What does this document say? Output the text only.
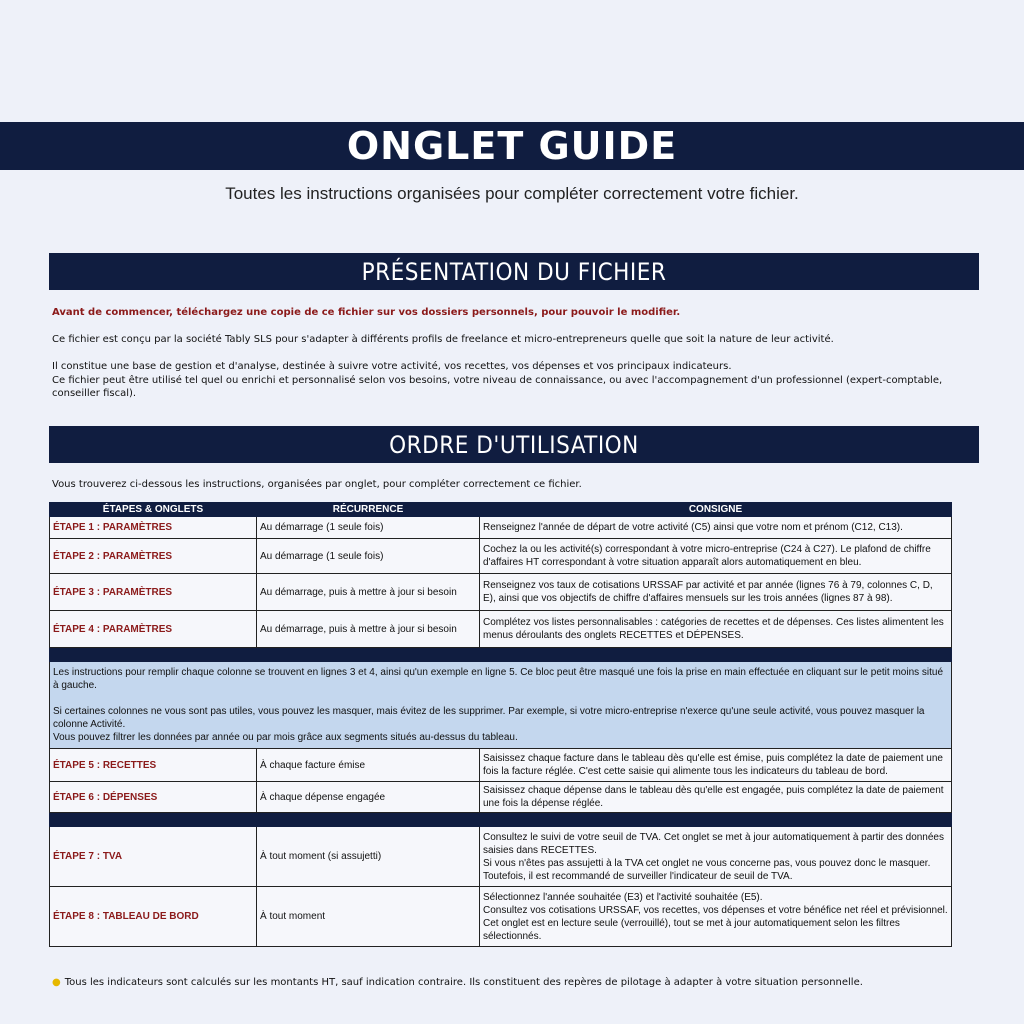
ONGLET GUIDE
Toutes les instructions organisées pour compléter correctement votre fichier.
PRÉSENTATION DU FICHIER
Avant de commencer, téléchargez une copie de ce fichier sur vos dossiers personnels, pour pouvoir le modifier.
Ce fichier est conçu par la société Tably SLS pour s'adapter à différents profils de freelance et micro-entrepreneurs quelle que soit la nature de leur activité.
Il constitue une base de gestion et d'analyse, destinée à suivre votre activité, vos recettes, vos dépenses et vos principaux indicateurs.
Ce fichier peut être utilisé tel quel ou enrichi et personnalisé selon vos besoins, votre niveau de connaissance, ou avec l'accompagnement d'un professionnel (expert-comptable, conseiller fiscal).
ORDRE D'UTILISATION
Vous trouverez ci-dessous les instructions, organisées par onglet, pour compléter correctement ce fichier.
ÉTAPES & ONGLETS	RÉCURRENCE	CONSIGNE
ÉTAPE 1 : PARAMÈTRES	Au démarrage (1 seule fois)	Renseignez l'année de départ de votre activité (C5) ainsi que votre nom et prénom (C12, C13).
ÉTAPE 2 : PARAMÈTRES	Au démarrage (1 seule fois)	Cochez la ou les activité(s) correspondant à votre micro-entreprise (C24 à C27). Le plafond de chiffre d'affaires HT correspondant à votre situation apparaît alors automatiquement en bleu.
ÉTAPE 3 : PARAMÈTRES	Au démarrage, puis à mettre à jour si besoin	Renseignez vos taux de cotisations URSSAF par activité et par année (lignes 76 à 79, colonnes C, D, E), ainsi que vos objectifs de chiffre d'affaires mensuels sur les trois années (lignes 87 à 98).
ÉTAPE 4 : PARAMÈTRES	Au démarrage, puis à mettre à jour si besoin	Complétez vos listes personnalisables : catégories de recettes et de dépenses. Ces listes alimentent les menus déroulants des onglets RECETTES et DÉPENSES.

Les instructions pour remplir chaque colonne se trouvent en lignes 3 et 4, ainsi qu'un exemple en ligne 5. Ce bloc peut être masqué une fois la prise en main effectuée en cliquant sur le petit moins situé à gauche.
Si certaines colonnes ne vous sont pas utiles, vous pouvez les masquer, mais évitez de les supprimer. Par exemple, si votre micro-entreprise n'exerce qu'une seule activité, vous pouvez masquer la colonne Activité.
Vous pouvez filtrer les données par année ou par mois grâce aux segments situés au-dessus du tableau.		

ÉTAPE 5 : RECETTES	À chaque facture émise	Saisissez chaque facture dans le tableau dès qu'elle est émise, puis complétez la date de paiement une fois la facture réglée. C'est cette saisie qui alimente tous les indicateurs du tableau de bord.
ÉTAPE 6 : DÉPENSES	À chaque dépense engagée	Saisissez chaque dépense dans le tableau dès qu'elle est engagée, puis complétez la date de paiement une fois la dépense réglée.

ÉTAPE 7 : TVA	À tout moment (si assujetti)	Consultez le suivi de votre seuil de TVA. Cet onglet se met à jour automatiquement à partir des données saisies dans RECETTES.
Si vous n'êtes pas assujetti à la TVA cet onglet ne vous concerne pas, vous pouvez donc le masquer. Toutefois, il est recommandé de surveiller l'indicateur de seuil de TVA.

ÉTAPE 8 : TABLEAU DE BORD	À tout moment	Sélectionnez l'année souhaitée (E3) et l'activité souhaitée (E5).
Consultez vos cotisations URSSAF, vos recettes, vos dépenses et votre bénéfice net réel et prévisionnel. Cet onglet est en lecture seule (verrouillé), tout se met à jour automatiquement selon les filtres sélectionnés.
● Tous les indicateurs sont calculés sur les montants HT, sauf indication contraire. Ils constituent des repères de pilotage à adapter à votre situation personnelle.
